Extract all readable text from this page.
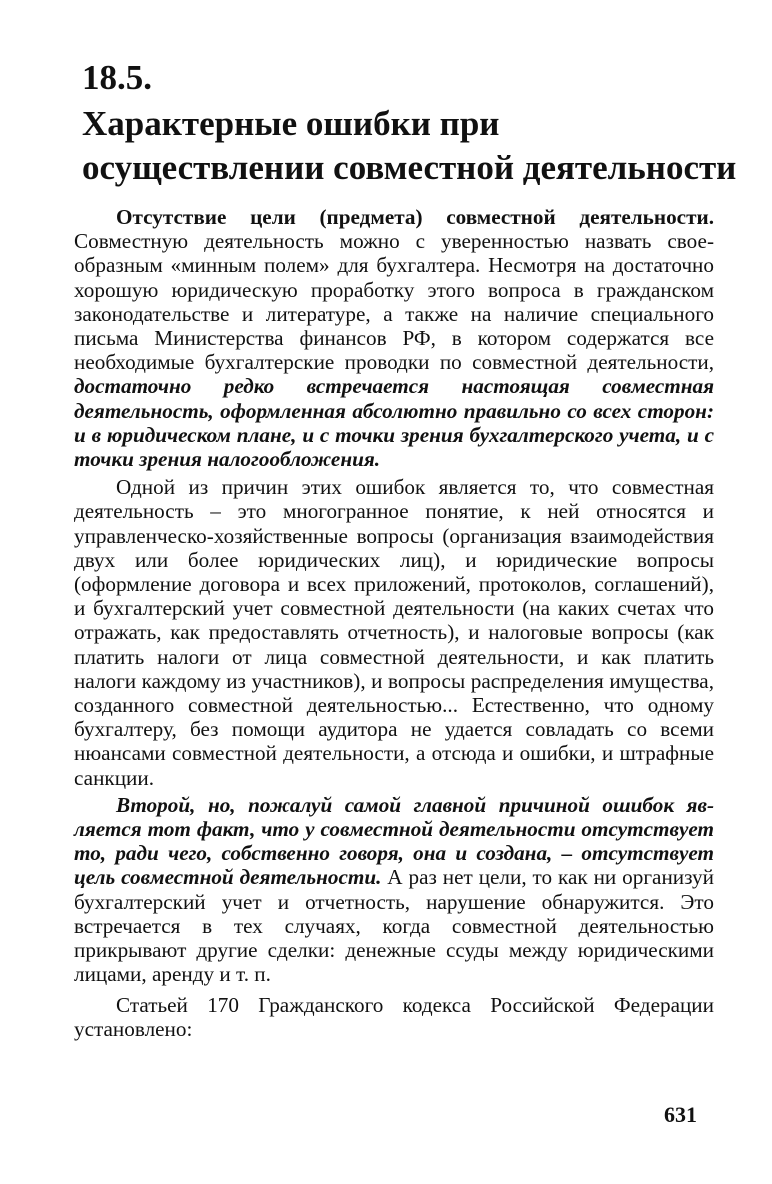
18.5.
Характерные ошибки при осуществлении совместной деятельности

Отсутствие цели (предмета) совместной деятельности. Совместную деятельность можно с уверенностью назвать своеобразным «минным полем» для бухгалтера. Несмотря на достаточно хорошую юридическую проработку этого вопроса в гражданском законодательстве и литературе, а также на наличие специального письма Министерства финансов РФ, в котором содержатся все необходимые бухгалтерские проводки по совместной деятельности, достаточно редко встречается настоящая совместная деятельность, оформленная абсолютно правильно со всех сторон: и в юридическом плане, и с точки зрения бухгалтерского учета, и с точки зрения налогообложения.

Одной из причин этих ошибок является то, что совместная деятельность – это многогранное понятие, к ней относятся и управленческо-хозяйственные вопросы (организация взаимодействия двух или более юридических лиц), и юридические вопросы (оформление договора и всех приложений, протоколов, соглашений), и бухгалтерский учет совместной деятельности (на каких счетах что отражать, как предоставлять отчетность), и налоговые вопросы (как платить налоги от лица совместной деятельности, и как платить налоги каждому из участников), и вопросы распределения имущества, созданного совместной деятельностью... Естественно, что одному бухгалтеру, без помощи аудитора не удается совладать со всеми нюансами совместной деятельности, а отсюда и ошибки, и штрафные санкции.

Второй, но, пожалуй самой главной причиной ошибок является тот факт, что у совместной деятельности отсутствует то, ради чего, собственно говоря, она и создана, – отсутствует цель совместной деятельности. А раз нет цели, то как ни организуй бухгалтерский учет и отчетность, нарушение обнаружится. Это встречается в тех случаях, когда совместной деятельностью прикрывают другие сделки: денежные ссуды между юридическими лицами, аренду и т. п.

Статьей 170 Гражданского кодекса Российской Федерации установлено:

631
